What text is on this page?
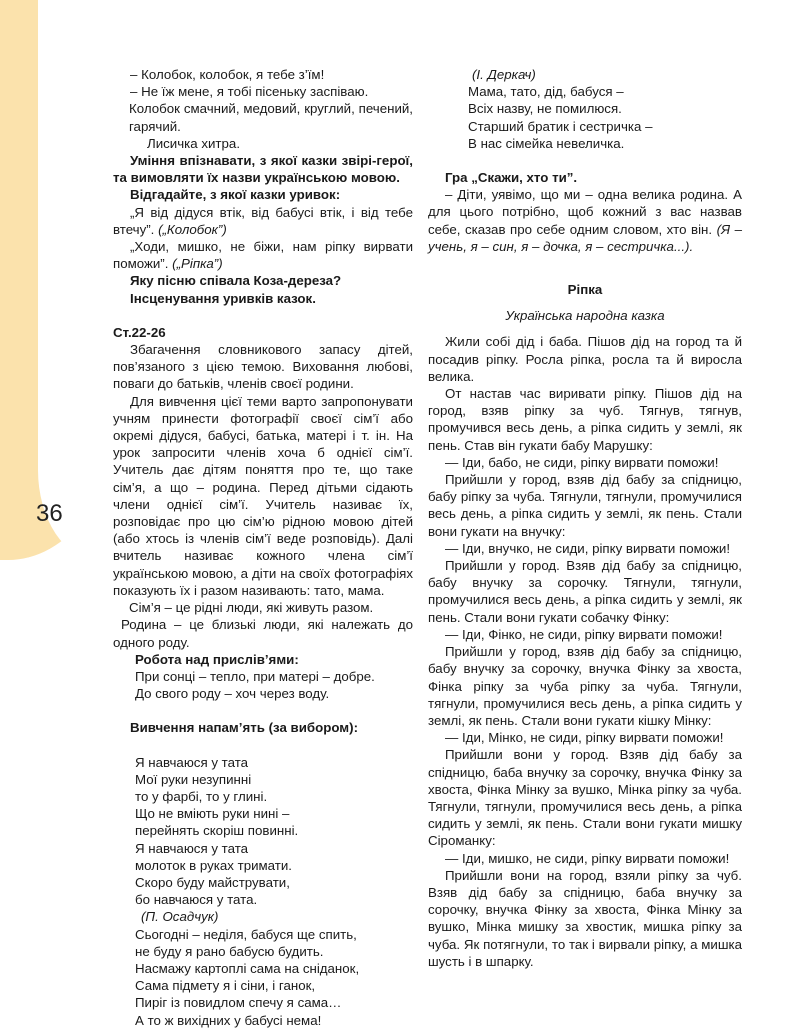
36

– Колобок, колобок, я тебе з’їм!

– Не їж мене, я тобі пісеньку заспіваю.

Колобок смачний, медовий, круглий, печений, гарячий.

Лисичка хитра.

Уміння впізнавати, з якої казки звірі-герої, та вимовляти їх назви українською мовою.

Відгадайте, з якої казки уривок:

„Я від дідуся втік, від бабусі втік, і від тебе втечу”. („Колобок”)

„Ходи, мишко, не біжи, нам ріпку вирвати поможи”. („Ріпка”)

Яку пісню співала Коза-дереза?

Інсценування уривків казок.

Ст.22-26

Збагачення словникового запасу дітей, пов’язаного з цією темою. Виховання любові, поваги до батьків, членів своєї родини.

Для вивчення цієї теми варто запропонувати учням принести фотографії своєї сім’ї або окремі дідуся, бабусі, батька, матері і т. ін. На урок запросити членів хоча б однієї сім’ї. Учитель дає дітям поняття про те, що таке сім’я, а що – родина. Перед дітьми сідають члени однієї сім’ї. Учитель називає їх, розповідає про цю сім’ю рідною мовою дітей (або хтось із членів сім’ї веде розповідь). Далі вчитель називає кожного члена сім’ї українською мовою, а діти на своїх фотографіях показують їх і разом називають: тато, мама.

Сім’я – це рідні люди, які живуть разом.

Родина – це близькі люди, які належать до одного роду.

Робота над прислів’ями:

При сонці – тепло, при матері – добре.

До свого роду – хоч через воду.

Вивчення напам’ять (за вибором):

Я навчаюся у тата

Мої руки незупинні

то у фарбі, то у глині.

Що не вміють руки нині –

перейнять скоріш повинні.

Я навчаюся у тата

молоток в руках тримати.

Скоро буду майструвати,

бо навчаюся у тата.

(П. Осадчук)

Сьогодні – неділя, бабуся ще спить,

не буду я рано бабусю будить.

Насмажу картоплі сама на сніданок,

Сама підмету я і сіни, і ганок,

Пиріг із повидлом спечу я сама…

А то ж вихідних у бабусі нема!

(І. Деркач)

Мама, тато, дід, бабуся –

Всіх назву, не помилюся.

Старший братик і сестричка –

В нас сімейка невеличка.

Гра „Скажи, хто ти”.

– Діти, уявімо, що ми – одна велика родина. А для цього потрібно, щоб кожний з вас назвав себе, сказав про себе одним словом, хто він. (Я – учень, я – син, я – дочка, я – сестричка...).

Ріпка

Українська народна казка

Жили собі дід і баба. Пішов дід на город та й посадив ріпку. Росла ріпка, росла та й виросла велика.

От настав час виривати ріпку. Пішов дід на город, взяв ріпку за чуб. Тягнув, тягнув, промучився весь день, а ріпка сидить у землі, як пень. Став він гукати бабу Марушку:

— Іди, бабо, не сиди, ріпку вирвати поможи!

Прийшли у город, взяв дід бабу за спідницю, бабу ріпку за чуба. Тягнули, тягнули, промучилися весь день, а ріпка сидить у землі, як пень. Стали вони гукати на внучку:

— Іди, внучко, не сиди, ріпку вирвати поможи!

Прийшли у город. Взяв дід бабу за спідницю, бабу внучку за сорочку. Тягнули, тягнули, промучилися весь день, а ріпка сидить у землі, як пень. Стали вони гукати собачку Фінку:

— Іди, Фінко, не сиди, ріпку вирвати поможи!

Прийшли у город, взяв дід бабу за спідницю, бабу внучку за сорочку, внучка Фінку за хвоста, Фінка ріпку за чуба ріпку за чуба. Тягнули, тягнули, промучилися весь день, а ріпка сидить у землі, як пень. Стали вони гукати кішку Мінку:

— Іди, Мінко, не сиди, ріпку вирвати поможи!

Прийшли вони у город. Взяв дід бабу за спідницю, баба внучку за сорочку, внучка Фінку за хвоста, Фінка Мінку за вушко, Мінка ріпку за чуба. Тягнули, тягнули, промучилися весь день, а ріпка сидить у землі, як пень. Стали вони гукати мишку Сіроманку:

— Іди, мишко, не сиди, ріпку вирвати поможи!

Прийшли вони на город, взяли ріпку за чуб. Взяв дід бабу за спідницю, баба внучку за сорочку, внучка Фінку за хвоста, Фінка Мінку за вушко, Мінка мишку за хвостик, мишка ріпку за чуба. Як потягнули, то так і вирвали ріпку, а мишка шусть і в шпарку.
